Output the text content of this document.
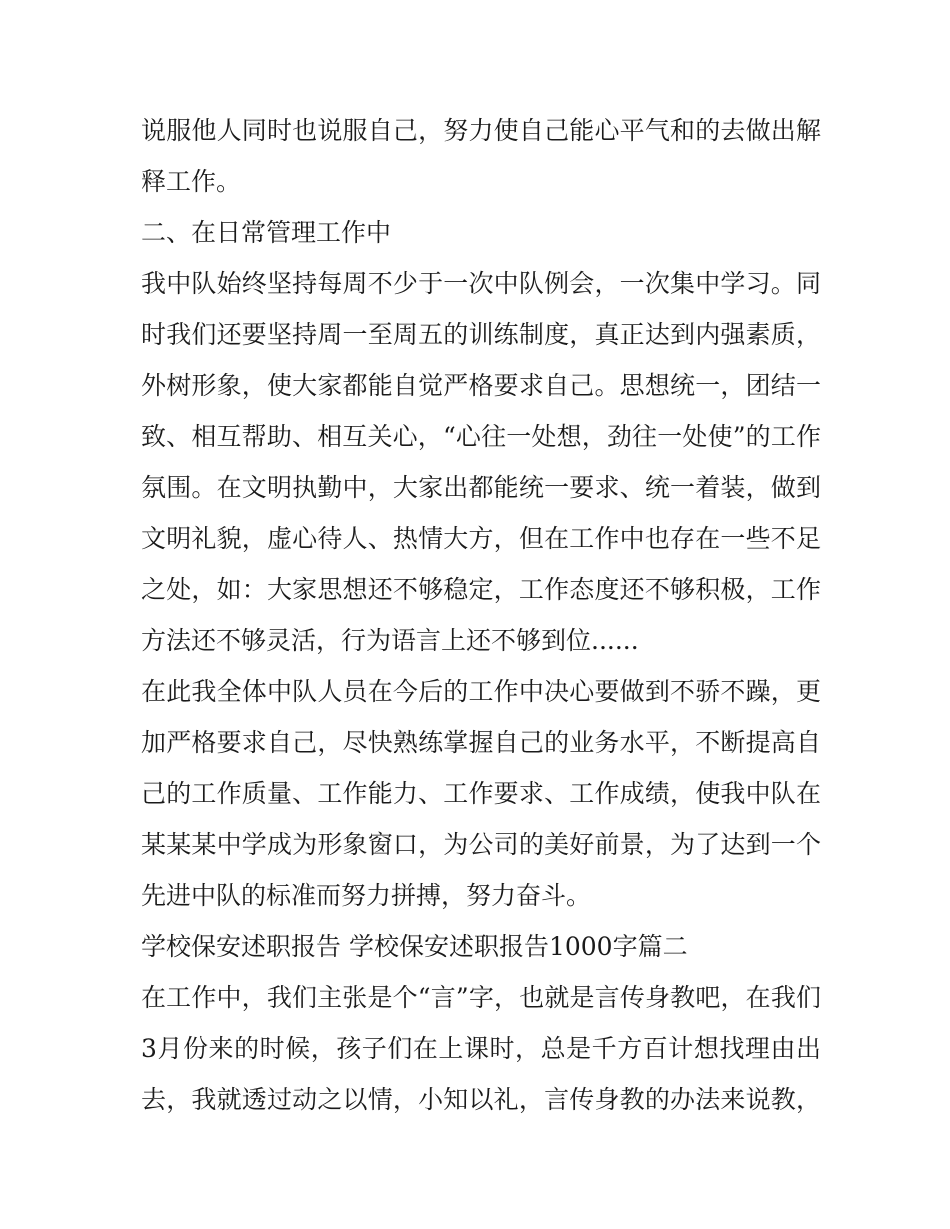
说服他人同时也说服自己，努力使自己能心平气和的去做出解
释工作。
二、在日常管理工作中
我中队始终坚持每周不少于一次中队例会，一次集中学习。同
时我们还要坚持周一至周五的训练制度，真正达到内强素质，
外树形象，使大家都能自觉严格要求自己。思想统一，团结一
致、相互帮助、相互关心，“心往一处想，劲往一处使”的工作
氛围。在文明执勤中，大家出都能统一要求、统一着装，做到
文明礼貌，虚心待人、热情大方，但在工作中也存在一些不足
之处，如：大家思想还不够稳定，工作态度还不够积极，工作
方法还不够灵活，行为语言上还不够到位......
在此我全体中队人员在今后的工作中决心要做到不骄不躁，更
加严格要求自己，尽快熟练掌握自己的业务水平，不断提高自
己的工作质量、工作能力、工作要求、工作成绩，使我中队在
某某某中学成为形象窗口，为公司的美好前景，为了达到一个
先进中队的标准而努力拼搏，努力奋斗。
学校保安述职报告 学校保安述职报告1000字篇二
在工作中，我们主张是个“言”字，也就是言传身教吧，在我们
3月份来的时候，孩子们在上课时，总是千方百计想找理由出
去，我就透过动之以情，小知以礼，言传身教的办法来说教，
